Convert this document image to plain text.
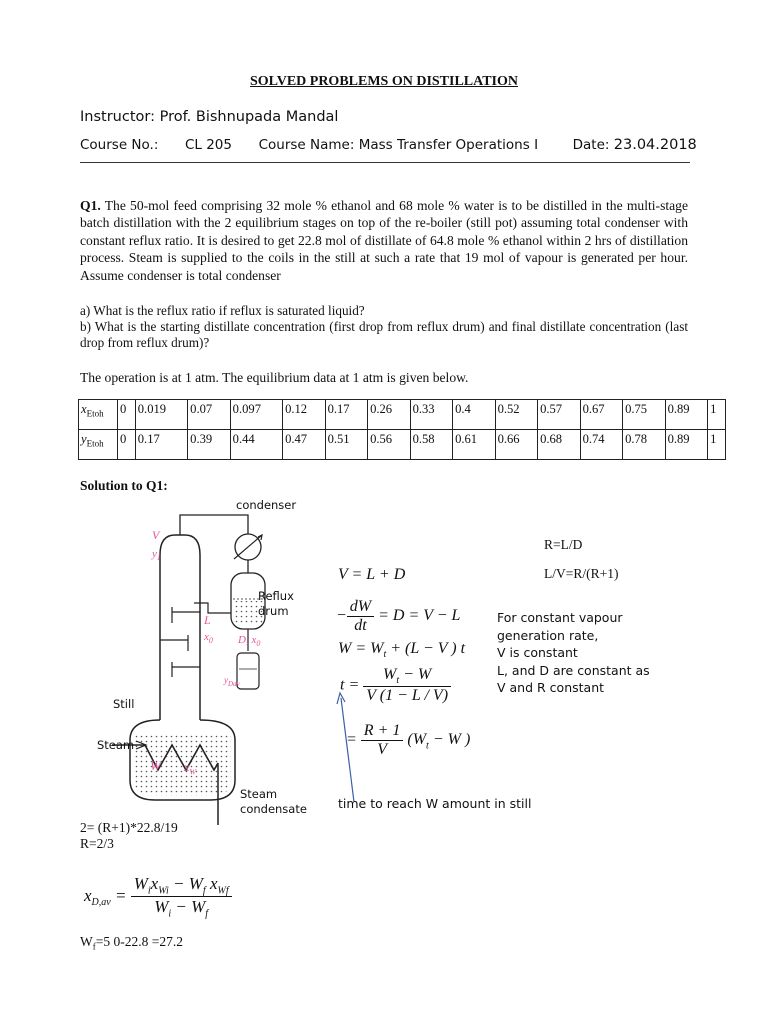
SOLVED PROBLEMS ON DISTILLATION
Instructor: Prof. Bishnupada Mandal
Course No.: CL 205 Course Name: Mass Transfer Operations I	Date: 23.04.2018
Q1. The 50-mol feed comprising 32 mole % ethanol and 68 mole % water is to be distilled in the multi-stage batch distillation with the 2 equilibrium stages on top of the re-boiler (still pot) assuming total condenser with constant reflux ratio. It is desired to get 22.8 mol of distillate of 64.8 mole % ethanol within 2 hrs of distillation process. Steam is supplied to the coils in the still at such a rate that 19 mol of vapour is generated per hour. Assume condenser is total condenser
a) What is the reflux ratio if reflux is saturated liquid?
b) What is the starting distillate concentration (first drop from reflux drum) and final distillate concentration (last drop from reflux drum)?
The operation is at 1 atm. The equilibrium data at 1 atm is given below.
$x_{Etoh}$	0	0.019	0.07	0.097	0.12	0.17	0.26	0.33	0.4	0.52	0.57	0.67	0.75	0.89	1
$y_{Etoh}$	0	0.17	0.39	0.44	0.47	0.51	0.56	0.58	0.61	0.66	0.68	0.74	0.78	0.89	1
Solution to Q1:
condenser
Reflux drum
Still
Steam
Steam condensate
V
$y_1$
L
$x_0$ D, $x_0$
$y_{Dav}$
W $x_W$
V = L + D
− $\frac{dW}{dt} = D = V - L$
$W = W_t + (L - V$ ) t
$t = \frac{W_t - W}{V (1 - L / V)}$
= $\frac{R + 1}{V} (W_t - W$ )
R=L/D
L/V=R/(R+1)
For constant vapour
generation rate,
V is constant
L, and D are constant as
V and R constant
time to reach W amount in still
2= (R+1)*22.8/19
R=2/3
$x_{D,av} = \frac{W_ix_{Wi} - W_f x_{Wf}}{W_i - W_f}$
$W_f=5$ 0-22.8 =27.2
